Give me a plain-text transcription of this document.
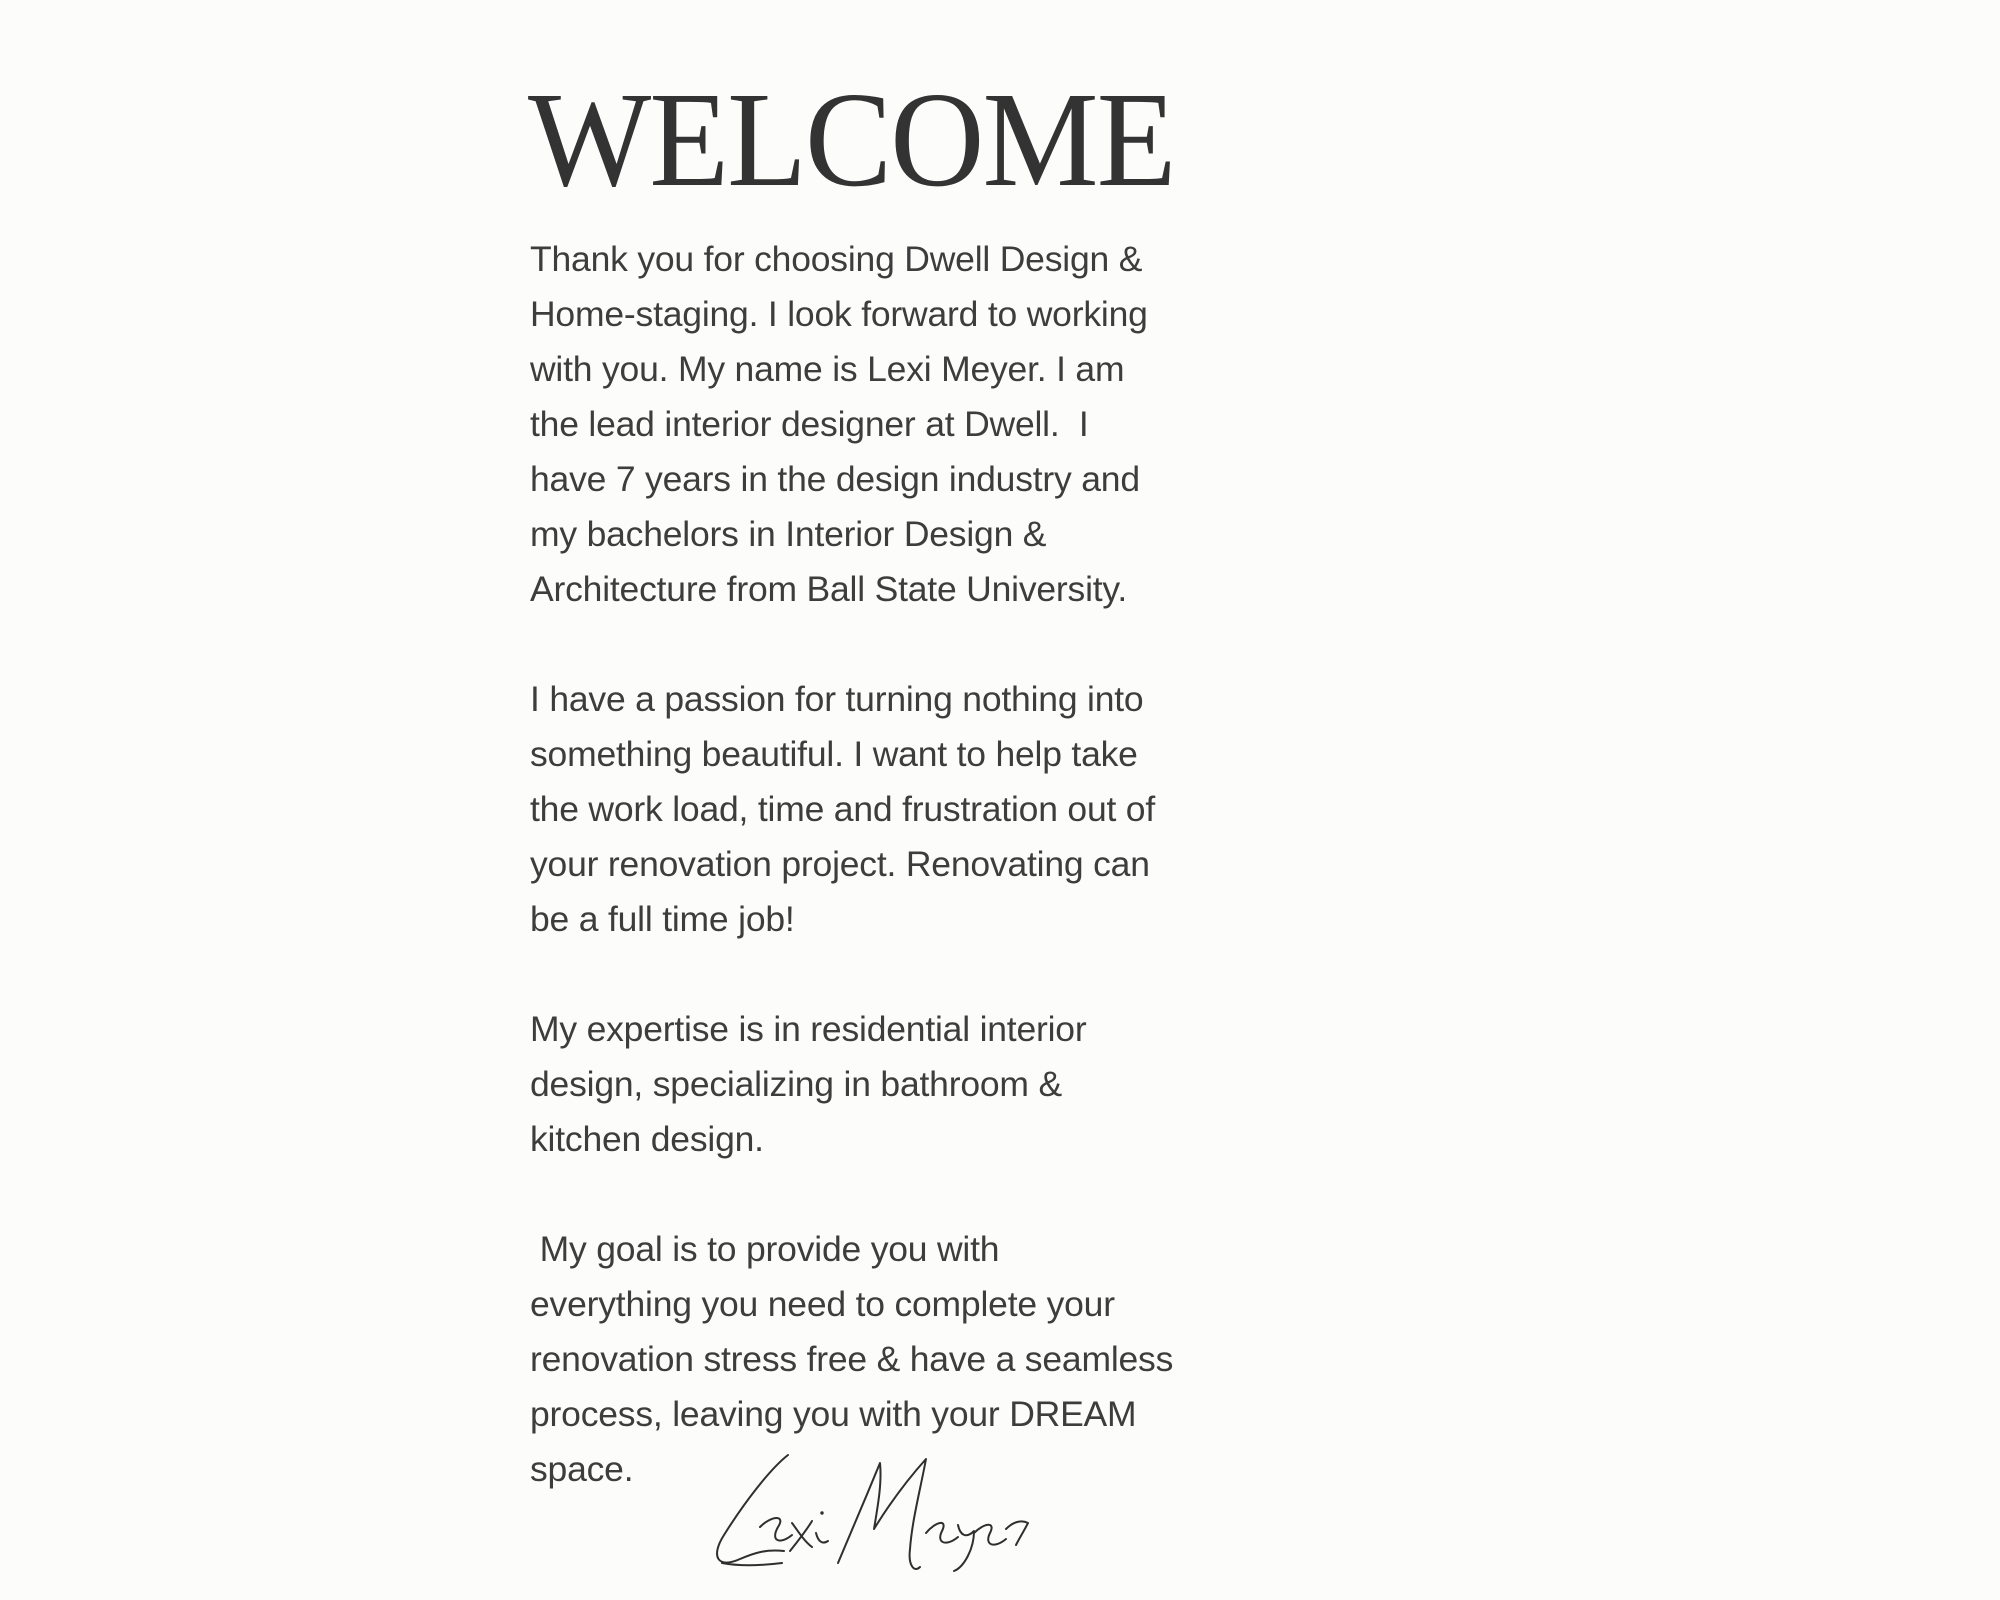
WELCOME
Thank you for choosing Dwell Design &
Home-staging. I look forward to working
with you. My name is Lexi Meyer. I am
the lead interior designer at Dwell.  I
have 7 years in the design industry and
my bachelors in Interior Design &
Architecture from Ball State University.
I have a passion for turning nothing into
something beautiful. I want to help take
the work load, time and frustration out of
your renovation project. Renovating can
be a full time job!
My expertise is in residential interior
design, specializing in bathroom &
kitchen design.
My goal is to provide you with
everything you need to complete your
renovation stress free & have a seamless
process, leaving you with your DREAM
space.
